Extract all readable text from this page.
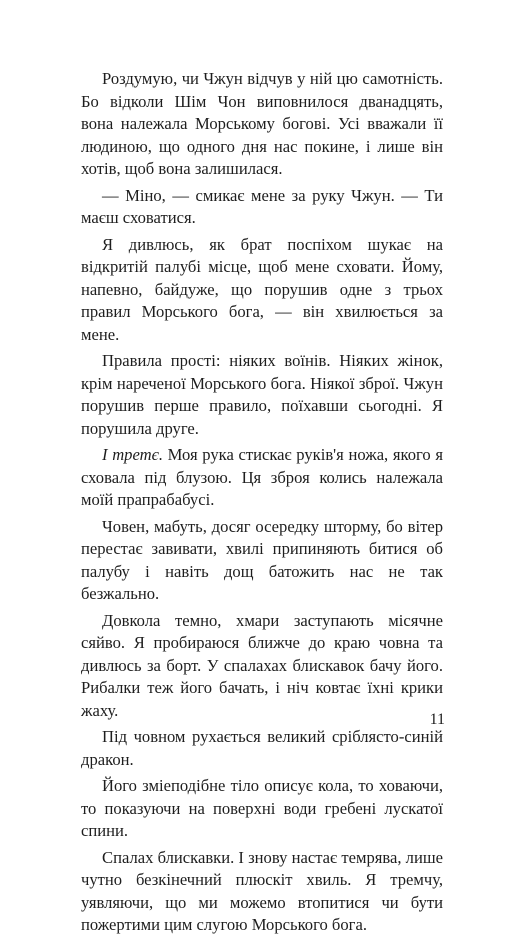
Роздумую, чи Чжун відчув у ній цю самотність. Бо відколи Шім Чон виповнилося дванадцять, вона належала Морському богові. Усі вважали її людиною, що одного дня нас покине, і лише він хотів, щоб вона залишилася.

— Міно, — смикає мене за руку Чжун. — Ти маєш сховатися.

Я дивлюсь, як брат поспіхом шукає на відкритій палубі місце, щоб мене сховати. Йому, напевно, байдуже, що порушив одне з трьох правил Морського бога, — він хвилюється за мене.

Правила прості: ніяких воїнів. Ніяких жінок, крім нареченої Морського бога. Ніякої зброї. Чжун порушив перше правило, поїхавши сьогодні. Я порушила друге.

І третє. Моя рука стискає руків'я ножа, якого я сховала під блузою. Ця зброя колись належала моїй прапрабабусі.

Човен, мабуть, досяг осередку шторму, бо вітер перестає завивати, хвилі припиняють битися об палубу і навіть дощ батожить нас не так безжально.

Довкола темно, хмари заступають місячне сяйво. Я пробираюся ближче до краю човна та дивлюсь за борт. У спалахах блискавок бачу його. Рибалки теж його бачать, і ніч ковтає їхні крики жаху.

Під човном рухається великий сріблясто-синій дракон.

Його зміеподібне тіло описує кола, то ховаючи, то показуючи на поверхні води гребені лускатої спини.

Спалах блискавки. І знову настає темрява, лише чутно безкінечний плюскіт хвиль. Я тремчу, уявляючи, що ми можемо втопитися чи бути пожертими цим слугою Морського бога.

11
